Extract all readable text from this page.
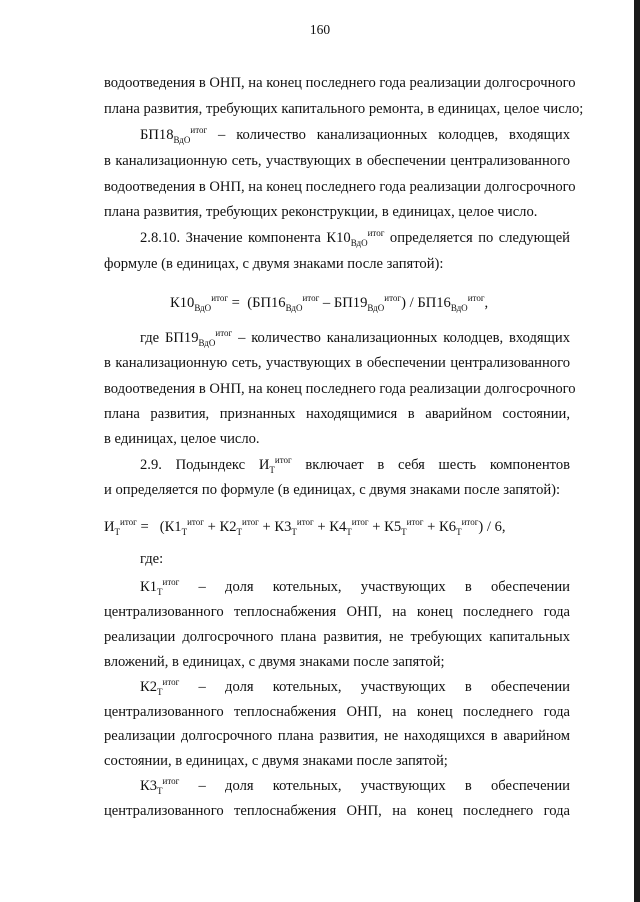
160
водоотведения в ОНП, на конец последнего года реализации долгосрочного
плана развития, требующих капитального ремонта, в единицах, целое число;
$БП18_{ВдО}^{итог}$ – количество канализационных колодцев, входящих
в канализационную сеть, участвующих в обеспечении централизованного
водоотведения в ОНП, на конец последнего года реализации долгосрочного
плана развития, требующих реконструкции, в единицах, целое число.
2.8.10. Значение компонента $К10_{ВдО}^{итог}$ определяется по следующей
формуле (в единицах, с двумя знаками после запятой):
$К10_{ВдО}^{итог} = (БП16_{ВдО}^{итог} - БП19_{ВдО}^{итог}) / БП16_{ВдО}^{итог}$,
где $БП19_{ВдО}^{итог}$ – количество канализационных колодцев, входящих
в канализационную сеть, участвующих в обеспечении централизованного
водоотведения в ОНП, на конец последнего года реализации долгосрочного
плана развития, признанных находящимися в аварийном состоянии,
в единицах, целое число.
2.9. Подындекс $И_Т^{итог}$ включает в себя шесть компонентов
и определяется по формуле (в единицах, с двумя знаками после запятой):
$И_Т^{итог} = (К1_Т^{итог} + К2_Т^{итог} + К3_Т^{итог} + К4_Т^{итог} + К5_Т^{итог} + К6_Т^{итог}) / 6$,
где:
$К1_Т^{итог}$ – доля котельных, участвующих в обеспечении
централизованного теплоснабжения ОНП, на конец последнего года
реализации долгосрочного плана развития, не требующих капитальных
вложений, в единицах, с двумя знаками после запятой;
$К2_Т^{итог}$ – доля котельных, участвующих в обеспечении
централизованного теплоснабжения ОНП, на конец последнего года
реализации долгосрочного плана развития, не находящихся в аварийном
состоянии, в единицах, с двумя знаками после запятой;
$К3_Т^{итог}$ – доля котельных, участвующих в обеспечении
централизованного теплоснабжения ОНП, на конец последнего года
